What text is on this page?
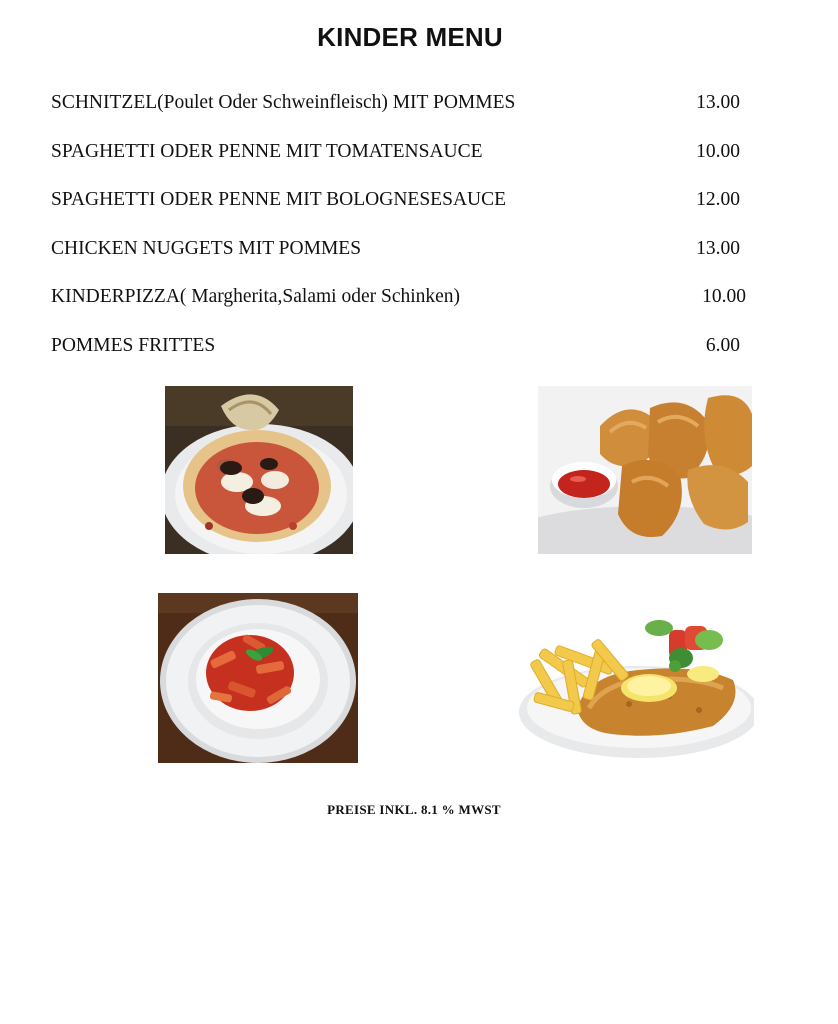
KINDER MENU
SCHNITZEL(Poulet Oder Schweinfleisch) MIT POMMES	13.00
SPAGHETTI ODER PENNE MIT TOMATENSAUCE	10.00
SPAGHETTI ODER PENNE MIT BOLOGNESESAUCE	12.00
CHICKEN NUGGETS MIT POMMES	13.00
KINDERPIZZA( Margherita,Salami oder Schinken)	10.00
POMMES FRITTES	6.00
PREISE INKL. 8.1 % MWST
